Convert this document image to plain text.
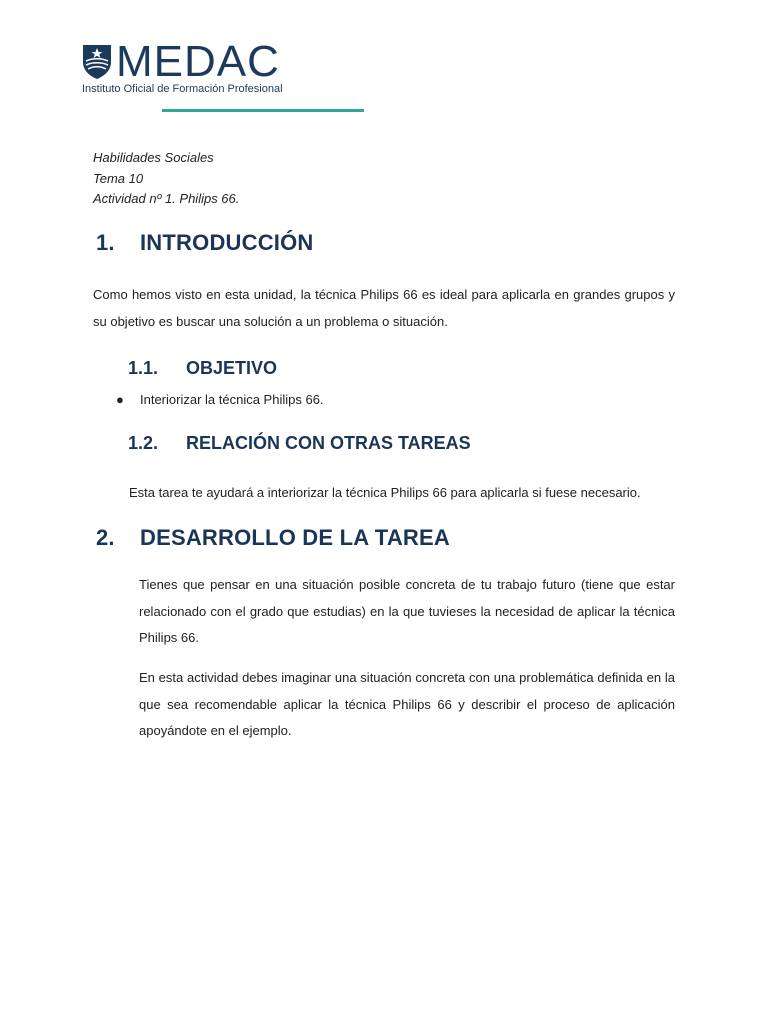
MEDAC
Instituto Oficial de Formación Profesional
Habilidades Sociales
Tema 10
Actividad nº 1. Philips 66.
1. INTRODUCCIÓN
Como hemos visto en esta unidad, la técnica Philips 66 es ideal para aplicarla en grandes grupos y su objetivo es buscar una solución a un problema o situación.
1.1. OBJETIVO
● Interiorizar la técnica Philips 66.
1.2. RELACIÓN CON OTRAS TAREAS
Esta tarea te ayudará a interiorizar la técnica Philips 66 para aplicarla si fuese necesario.
2. DESARROLLO DE LA TAREA
Tienes que pensar en una situación posible concreta de tu trabajo futuro (tiene que estar relacionado con el grado que estudias) en la que tuvieses la necesidad de aplicar la técnica Philips 66.
En esta actividad debes imaginar una situación concreta con una problemática definida en la que sea recomendable aplicar la técnica Philips 66 y describir el proceso de aplicación apoyándote en el ejemplo.
